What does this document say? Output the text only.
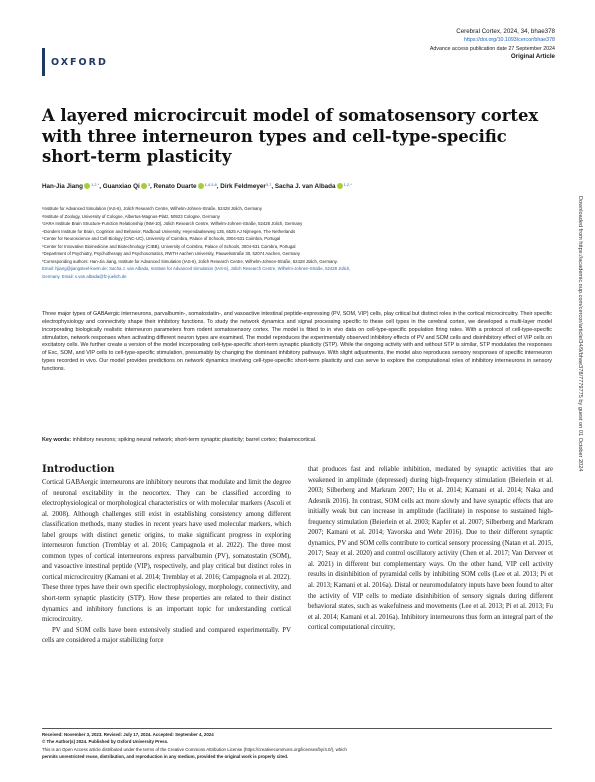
OXFORD
Cerebral Cortex, 2024, 34, bhae378
https://doi.org/10.1093/cercor/bhae378
Advance access publication date 27 September 2024
Original Article
A layered microcircuit model of somatosensory cortex with three interneuron types and cell-type-specific short-term plasticity
Han-Jia Jiang $^{1,2,*}$, Guanxiao Qi $^3$, Renato Duarte $^{1,4,5,6}$, Dirk Feldmeyer$^{3,7}$, Sacha J. van Albada $^{1,2,*}$
¹Institute for Advanced Simulation (IAS-6), Jülich Research Centre, Wilhelm-Johnen-Straße, 52428 Jülich, Germany
²Institute of Zoology, University of Cologne, Albertus-Magnus-Platz, 50923 Cologne, Germany
³JARA Institute Brain Structure-Function Relationship (INM-10), Jülich Research Centre, Wilhelm-Johnen-Straße, 52428 Jülich, Germany
⁴Donders Institute for Brain, Cognition and Behavior, Radboud University, Heyendaalseweg 135, 6525 AJ Nijmegen, The Netherlands
⁵Center for Neuroscience and Cell Biology (CNC-UC), University of Coimbra, Palace of Schools, 3004-531 Coimbra, Portugal
⁶Center for Innovative Biomedicine and Biotechnology (CIBB), University of Coimbra, Palace of Schools, 3004-531 Coimbra, Portugal
⁷Department of Psychiatry, Psychotherapy and Psychosomatics, RWTH Aachen University, Pauwelsstraße 30, 52074 Aachen, Germany
*Corresponding authors: Han-Jia Jiang, Institute for Advanced Simulation (IAS-6), Jülich Research Centre, Wilhelm-Johnen-Straße, 52428 Jülich, Germany.
Email: hjiang@jiangsteel-koeln.de; Sacha J. van Albada, Institute for Advanced Simulation (IAS-6), Jülich Research Centre, Wilhelm-Johnen-Straße, 52428 Jülich,
Germany. Email: s.van.albada@fz-juelich.de

Three major types of GABAergic interneurons, parvalbumin-, somatostatin-, and vasoactive intestinal peptide-expressing (PV, SOM, VIP) cells, play critical but distinct roles in the cortical microcircuitry. Their specific electrophysiology and connectivity shape their inhibitory functions. To study the network dynamics and signal processing specific to these cell types in the cerebral cortex, we developed a multi-layer model incorporating biologically realistic interneuron parameters from rodent somatosensory cortex. The model is fitted to in vivo data on cell-type-specific population firing rates. With a protocol of cell-type-specific stimulation, network responses when activating different neuron types are examined. The model reproduces the experimentally observed inhibitory effects of PV and SOM cells and disinhibitory effect of VIP cells on excitatory cells. We further create a version of the model incorporating cell-type-specific short-term synaptic plasticity (STP). While the ongoing activity with and without STP is similar, STP modulates the responses of Exc, SOM, and VIP cells to cell-type-specific stimulation, presumably by changing the dominant inhibitory pathways. With slight adjustments, the model also reproduces sensory responses of specific interneuron types recorded in vivo. Our model provides predictions on network dynamics involving cell-type-specific short-term plasticity and can serve to explore the computational roles of inhibitory interneurons in sensory functions.

Key words: inhibitory neurons; spiking neural network; short-term synaptic plasticity; barrel cortex; thalamocortical.	Downloaded from https://academic.oup.com/cercor/article/34/9/bhae378/7779775 by guest on 01 October 2024
Introduction

Cortical GABAergic interneurons are inhibitory neurons that modulate and limit the degree of neuronal excitability in the neocortex. They can be classified according to electrophysiological or morphological characteristics or with molecular markers (Ascoli et al. 2008). Although challenges still exist in establishing consistency among different classification methods, many studies in recent years have used molecular markers, which label groups with distinct genetic origins, to make significant progress in exploring interneuron function (Tremblay et al. 2016; Campagnola et al. 2022). The three most common types of cortical interneurons express parvalbumin (PV), somatostatin (SOM), and vasoactive intestinal peptide (VIP), respectively, and play critical but distinct roles in cortical microcircuitry (Kamani et al. 2014; Tremblay et al. 2016; Campagnola et al. 2022). These three types have their own specific electrophysiology, morphology, connectivity, and short-term synaptic plasticity (STP). How these properties are related to their distinct dynamics and inhibitory functions is an important topic for understanding cortical microcircuitry.

PV and SOM cells have been extensively studied and compared experimentally. PV cells are considered a major stabilizing force

that produces fast and reliable inhibition, mediated by synaptic activities that are weakened in amplitude (depressed) during high-frequency stimulation (Beierlein et al. 2003; Silberberg and Markram 2007; Hu et al. 2014; Kamani et al. 2014; Naka and Adesnik 2016). In contrast, SOM cells act more slowly and have synaptic effects that are initially weak but can increase in amplitude (facilitate) in response to sustained high-frequency stimulation (Beierlein et al. 2003; Kapfer et al. 2007; Silberberg and Markram 2007; Kamani et al. 2014; Yavorska and Wehr 2016). Due to their different synaptic dynamics, PV and SOM cells contribute to cortical sensory processing (Natan et al. 2015, 2017; Seay et al. 2020) and control oscillatory activity (Chen et al. 2017; Van Derveer et al. 2021) in different but complementary ways. On the other hand, VIP cell activity results in disinhibition of pyramidal cells by inhibiting SOM cells (Lee et al. 2013; Pi et al. 2013; Kamani et al. 2016a). Distal or neuromodulatory inputs have been found to alter the activity of VIP cells to mediate disinhibition of sensory signals during different behavioral states, such as wakefulness and movements (Lee et al. 2013; Pi et al. 2013; Fu et al. 2014; Kamani et al. 2016a). Inhibitory interneurons thus form an integral part of the cortical computational circuitry,

Received: November 3, 2023. Revised: July 17, 2024. Accepted: September 4, 2024
© The Author(s) 2024. Published by Oxford University Press.
This is an Open Access article distributed under the terms of the Creative Commons Attribution License (https://creativecommons.org/licenses/by/4.0/), which
permits unrestricted reuse, distribution, and reproduction in any medium, provided the original work is properly cited.
